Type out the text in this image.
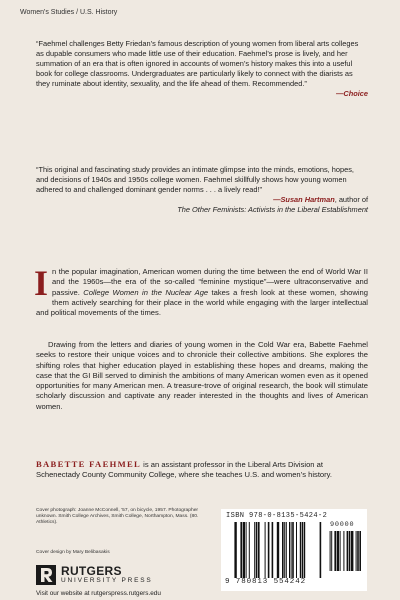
Women's Studies / U.S. History
“Faehmel challenges Betty Friedan’s famous description of young women from liberal arts colleges as dupable consumers who made little use of their education. Faehmel’s prose is lively, and her summation of an era that is often ignored in accounts of women’s history makes this into a useful book for college classrooms. Undergraduates are particularly likely to connect with the diarists as they ruminate about identity, sexuality, and the life ahead of them. Recommended.”
—Choice
“This original and fascinating study provides an intimate glimpse into the minds, emotions, hopes, and decisions of 1940s and 1950s college women. Faehmel skillfully shows how young women adhered to and challenged dominant gender norms . . . a lively read!”
—Susan Hartman, author of
The Other Feminists: Activists in the Liberal Establishment
In the popular imagination, American women during the time between the end of World War II and the 1960s—the era of the so-called “feminine mystique”—were ultraconservative and passive. College Women in the Nuclear Age takes a fresh look at these women, showing them actively searching for their place in the world while engaging with the larger intellectual and political movements of the times.
Drawing from the letters and diaries of young women in the Cold War era, Babette Faehmel seeks to restore their unique voices and to chronicle their collective ambitions. She explores the shifting roles that higher education played in establishing these hopes and dreams, making the case that the GI Bill served to diminish the ambitions of many American women even as it opened opportunities for many American men. A treasure-trove of original research, the book will stimulate scholarly discussion and captivate any reader interested in the thoughts and lives of American women.
BABETTE FAEHMEL is an assistant professor in the Liberal Arts Division at Schenectady County Community College, where she teaches U.S. and women’s history.
Cover photograph: Joanne McConnell, ’57, on bicycle, 1957. Photographer unknown. Smith College Archives, Smith College, Northampton, Mass. (80. Athletics).
Cover design by Mary Belibasakis
RUTGERS
UNIVERSITY PRESS
Visit our website at rutgerspress.rutgers.edu
ISBN 978-0-8135-5424-2
90000
9 780813 554242
